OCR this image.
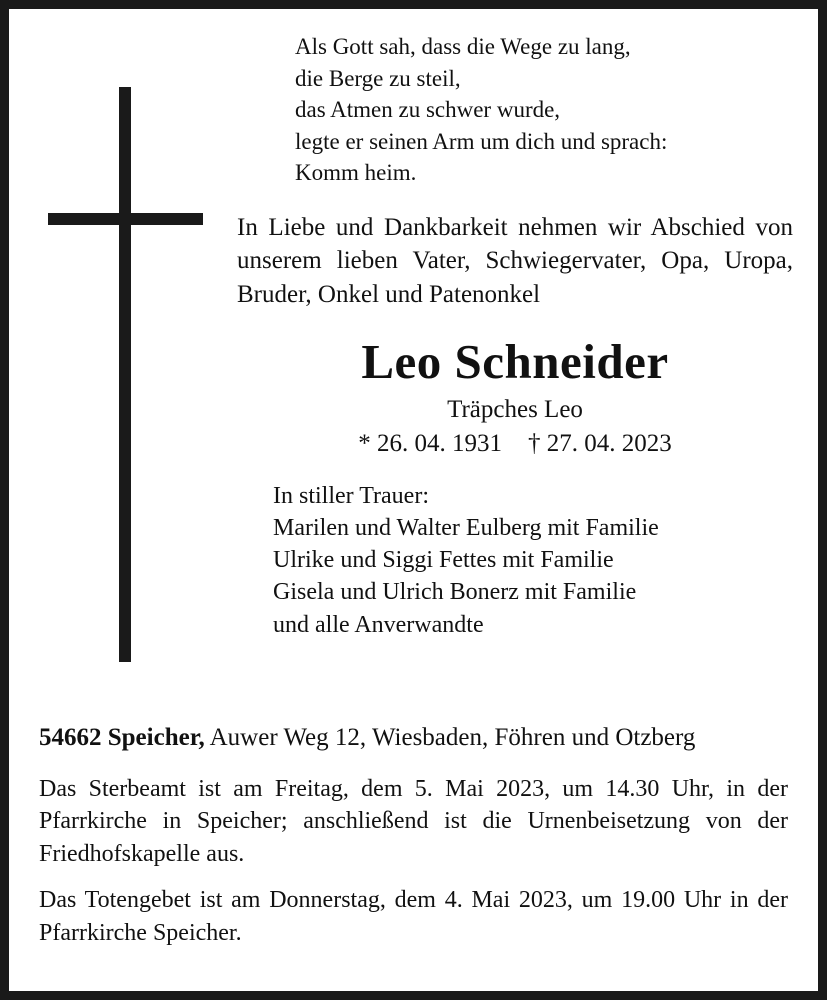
Als Gott sah, dass die Wege zu lang,
die Berge zu steil,
das Atmen zu schwer wurde,
legte er seinen Arm um dich und sprach:
Komm heim.
In Liebe und Dankbarkeit nehmen wir Abschied von unserem lieben Vater, Schwiegervater, Opa, Uropa, Bruder, Onkel und Patenonkel
Leo Schneider
Träpches Leo
* 26. 04. 1931 † 27. 04. 2023
In stiller Trauer:
Marilen und Walter Eulberg mit Familie
Ulrike und Siggi Fettes mit Familie
Gisela und Ulrich Bonerz mit Familie
und alle Anverwandte
54662 Speicher, Auwer Weg 12, Wiesbaden, Föhren und Otzberg
Das Sterbeamt ist am Freitag, dem 5. Mai 2023, um 14.30 Uhr, in der Pfarrkirche in Speicher; anschließend ist die Urnenbeisetzung von der Friedhofskapelle aus.
Das Totengebet ist am Donnerstag, dem 4. Mai 2023, um 19.00 Uhr in der Pfarrkirche Speicher.
